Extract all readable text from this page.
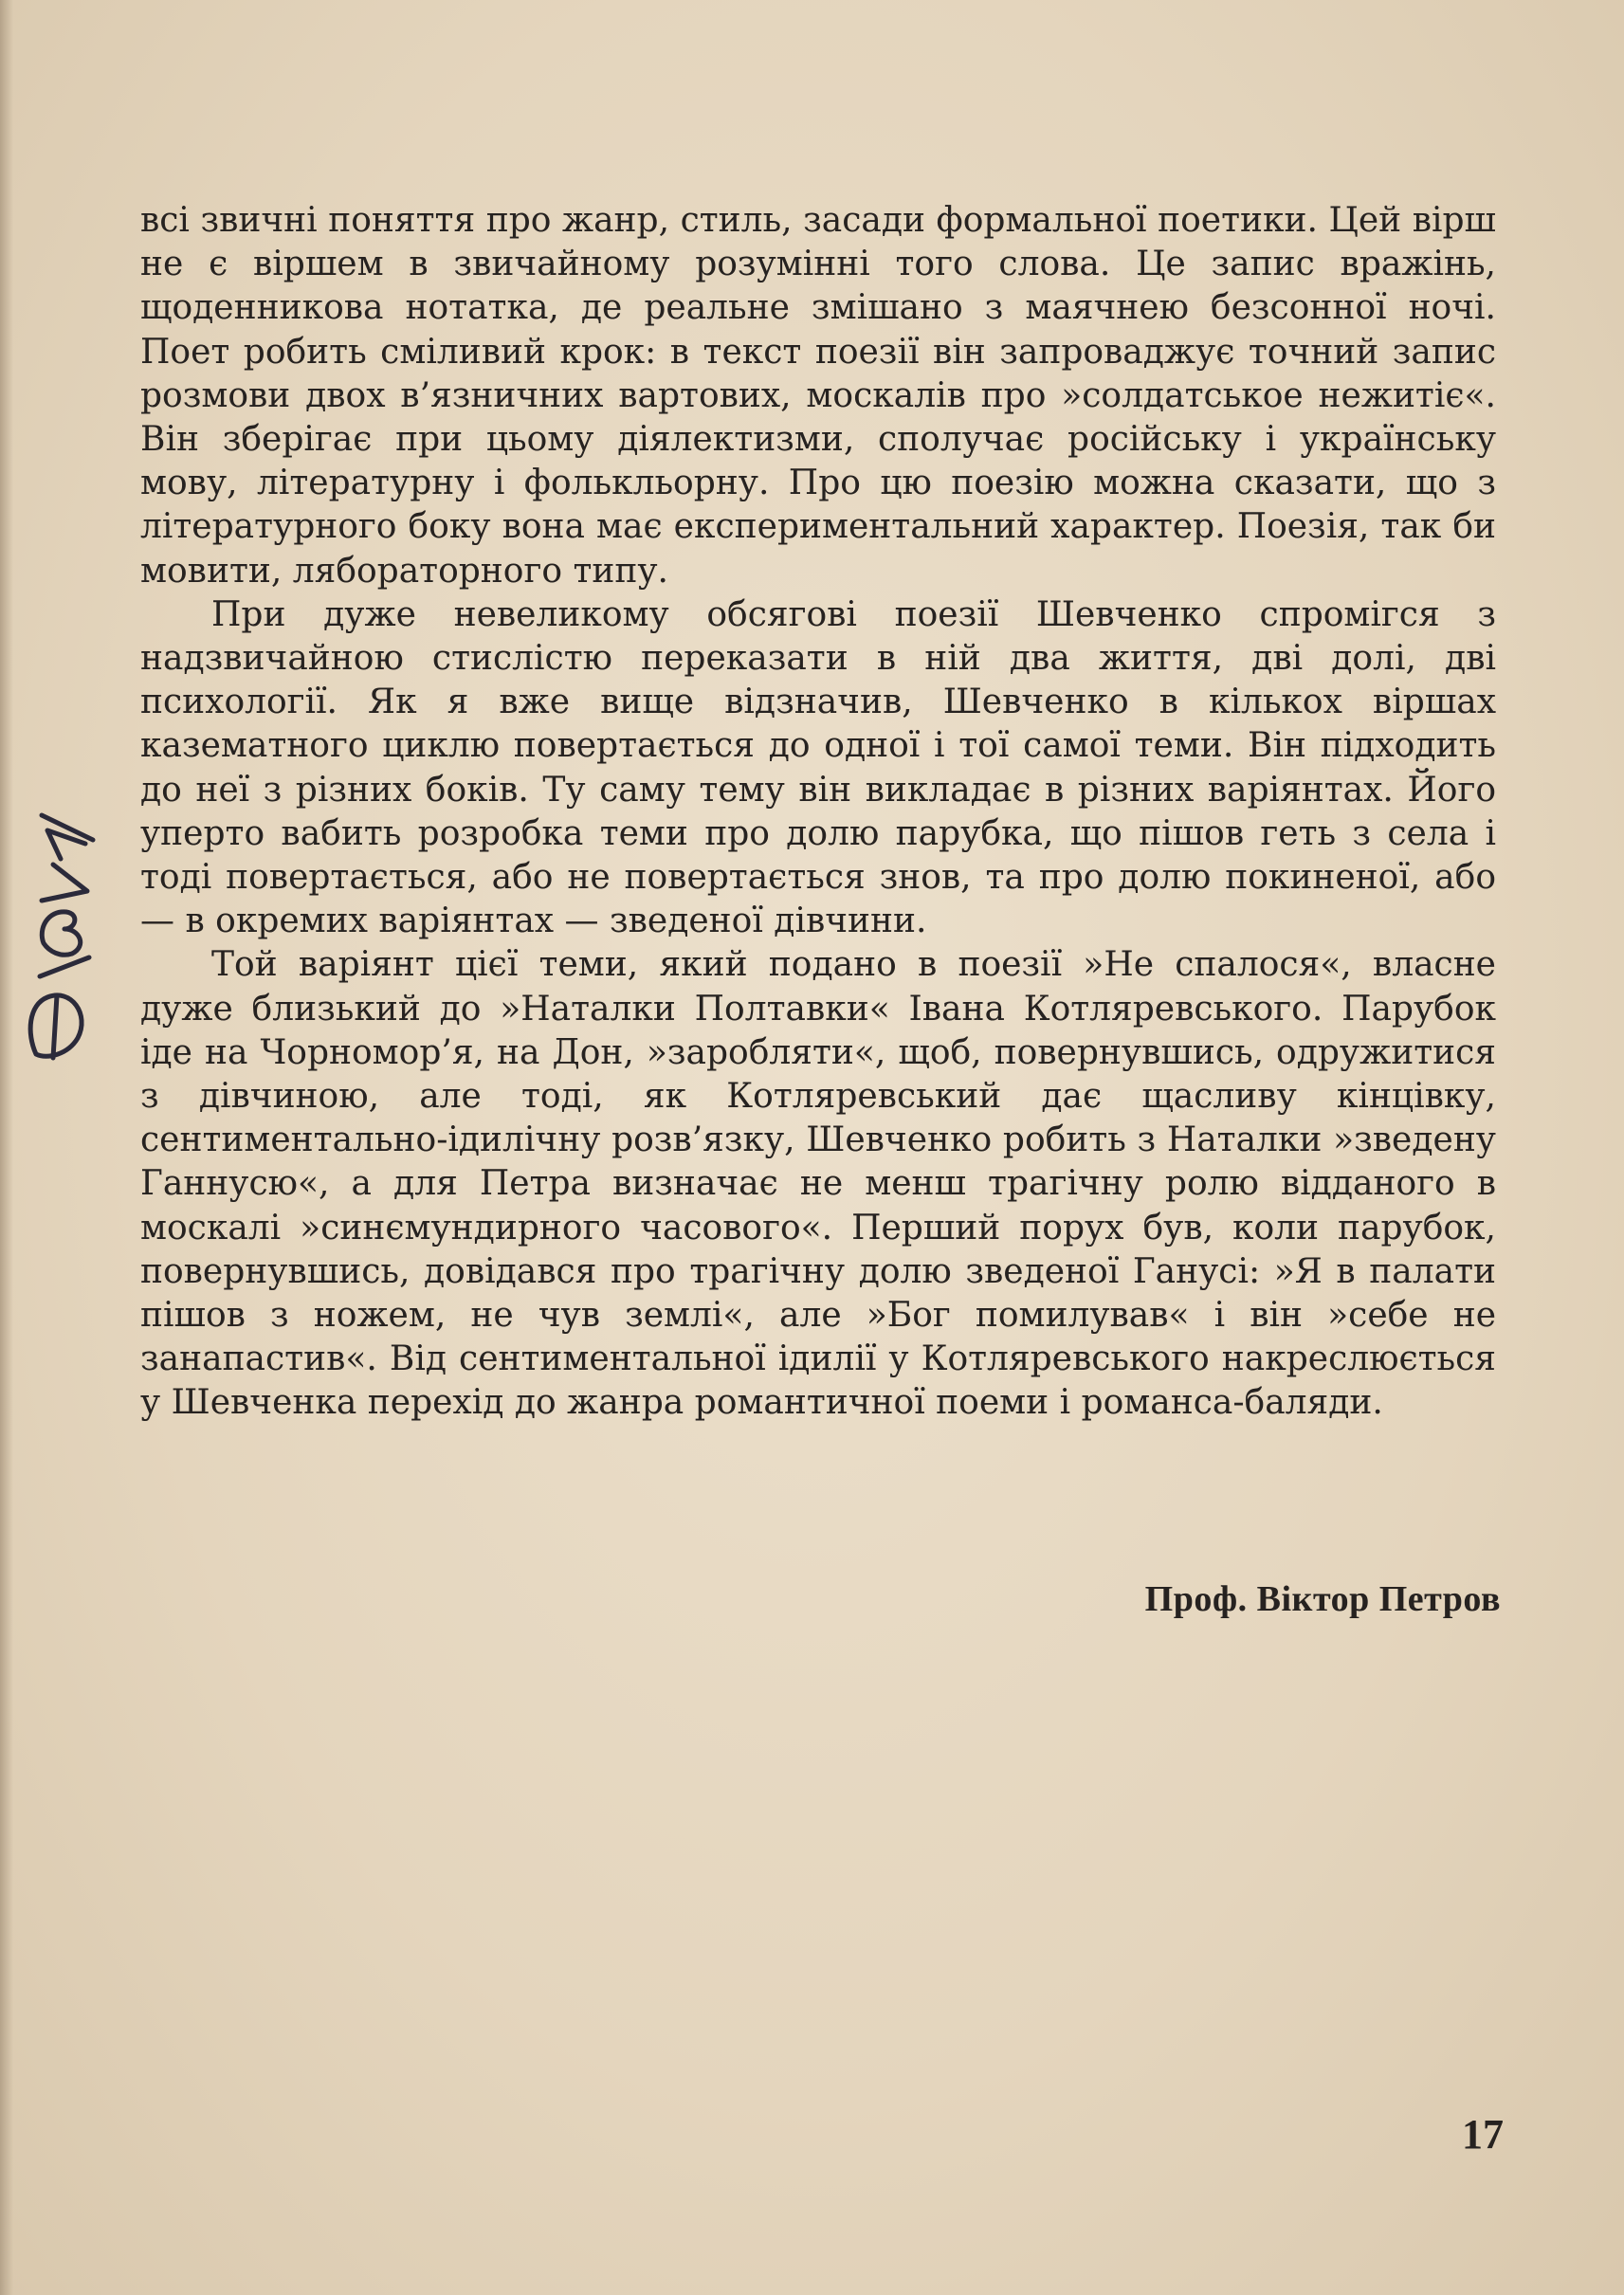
всі звичні поняття про жанр, стиль, засади формальної поетики. Цей вірш не є віршем в звичайному розумінні того слова. Це запис вражінь, щоденникова нотатка, де реальне змішано з маячнею безсонної ночі. Поет робить сміливий крок: в текст поезії він запроваджує точний запис розмови двох в’язничних вартових, москалів про »солдатськое нежитіє«. Він зберігає при цьому діялектизми, сполучає російську і українську мову, літературну і фолькльорну. Про цю поезію можна сказати, що з літературного боку вона має експериментальний характер. Поезія, так би мовити, ляборaторного типу.

При дуже невеликому обсягові поезії Шевченко спромігся з надзвичайною стислістю переказати в ній два життя, дві долі, дві психології. Як я вже вище відзначив, Шевченко в кількох віршах казематного циклю повертається до одної і тої самої теми. Він підходить до неї з різних боків. Ту саму тему він викладає в різних варіянтах. Його уперто вабить розробка теми про долю парубка, що пішов геть з села і тоді повертається, або не повертається знов, та про долю покиненої, або — в окремих варіянтах — зведеної дівчини.

Той варіянт цієї теми, який подано в поезії »Не спалося«, власне дуже близький до »Наталки Полтавки« Івана Котляревського. Парубок іде на Чорномор’я, на Дон, »заробляти«, щоб, повернувшись, одружитися з дівчиною, але тоді, як Котляревський дає щасливу кінцівку, сентиментально-ідилічну розв’язку, Шевченко робить з Наталки »зведену Ганнусю«, а для Петра визначає не менш трагічну ролю відданого в москалі »синємундирного часового«. Перший порух був, коли парубок, повернувшись, довідався про трагічну долю зведеної Ганусі: »Я в палати пішов з ножем, не чув землі«, але »Бог помилував« і він »себе не занапастив«. Від сентиментальної ідилії у Котляревського накреслюється у Шевченка перехід до жанра романтичної поеми і романса-баляди.

Проф. Віктор Петров
17
